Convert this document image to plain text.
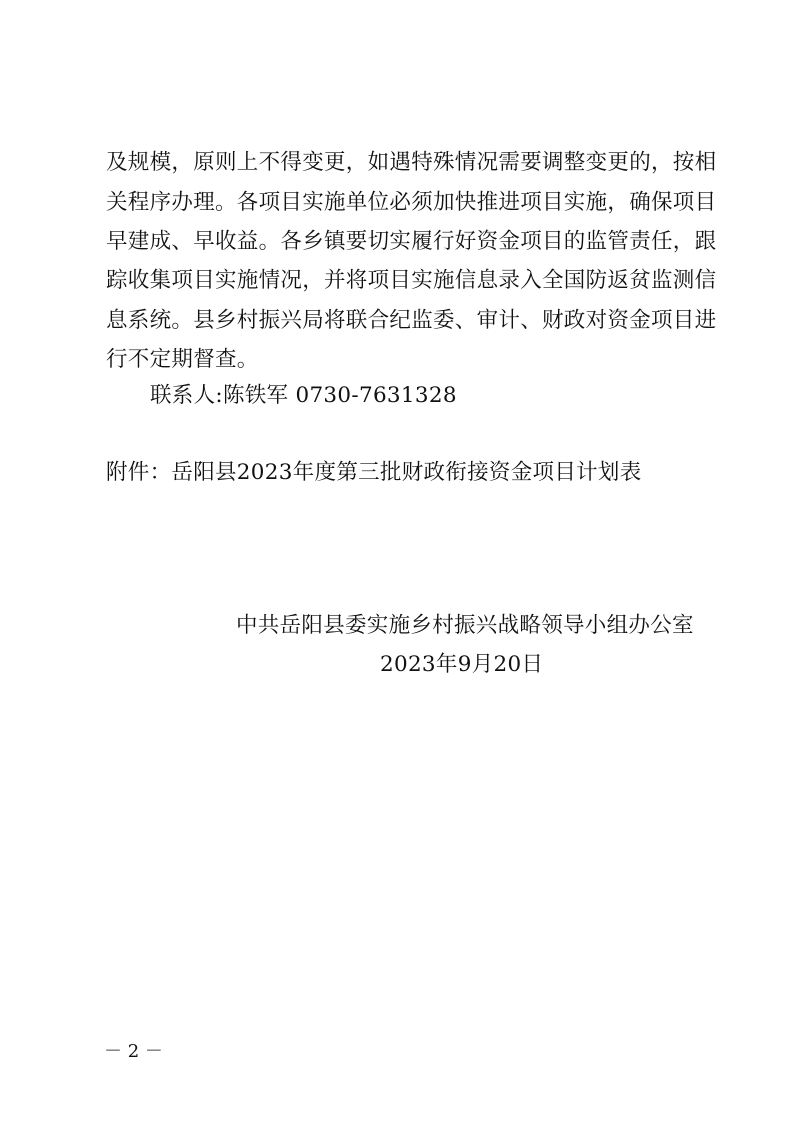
及规模，原则上不得变更，如遇特殊情况需要调整变更的，按相
关程序办理。各项目实施单位必须加快推进项目实施，确保项目
早建成、早收益。各乡镇要切实履行好资金项目的监管责任，跟
踪收集项目实施情况，并将项目实施信息录入全国防返贫监测信
息系统。县乡村振兴局将联合纪监委、审计、财政对资金项目进
行不定期督查。
联系人:陈铁军 0730-7631328
附件：岳阳县2023年度第三批财政衔接资金项目计划表
中共岳阳县委实施乡村振兴战略领导小组办公室
2023年9月20日
－ 2 －
